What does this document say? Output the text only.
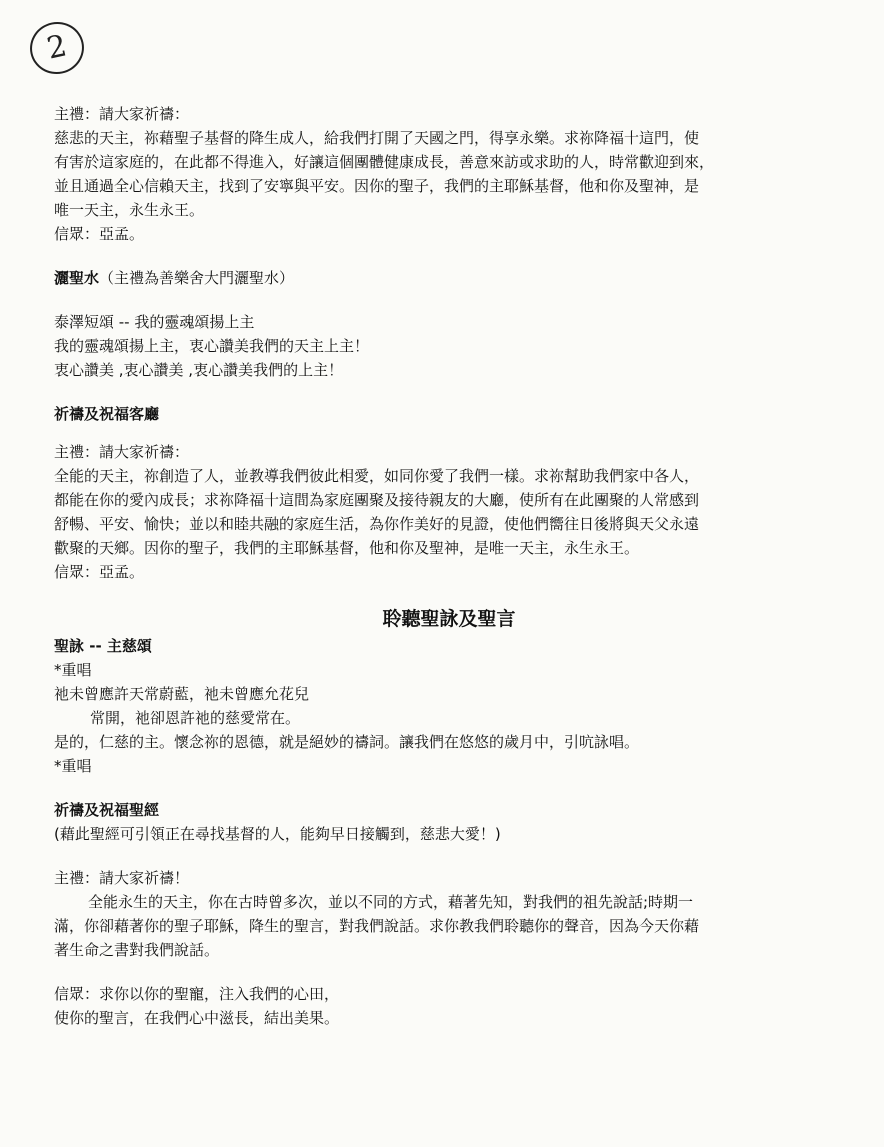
2

主禮：請大家祈禱：

慈悲的天主，祢藉聖子基督的降生成人，給我們打開了天國之門，得享永樂。求祢降福十這門，使

有害於這家庭的，在此都不得進入，好讓這個團體健康成長，善意來訪或求助的人，時常歡迎到來，

並且通過全心信賴天主，找到了安寧與平安。因你的聖子，我們的主耶穌基督，他和你及聖神，是

唯一天主，永生永王。

信眾：亞孟。

灑聖水（主禮為善樂舍大門灑聖水）

泰澤短頌 -- 我的靈魂頌揚上主

我的靈魂頌揚上主，衷心讚美我們的天主上主！

衷心讚美 ,衷心讚美 ,衷心讚美我們的上主！

祈禱及祝福客廳

主禮：請大家祈禱：

全能的天主，祢創造了人，並教導我們彼此相愛，如同你愛了我們一樣。求祢幫助我們家中各人，

都能在你的愛內成長；求祢降福十這間為家庭團聚及接待親友的大廳，使所有在此團聚的人常感到

舒暢、平安、愉快；並以和睦共融的家庭生活，為你作美好的見證，使他們嚮往日後將與天父永遠

歡聚的天鄉。因你的聖子，我們的主耶穌基督，他和你及聖神，是唯一天主，永生永王。

信眾：亞孟。

聆聽聖詠及聖言

聖詠 -- 主慈頌

*重唱

祂未曾應許天常蔚藍，祂未曾應允花兒

常開，祂卻恩許祂的慈愛常在。

是的，仁慈的主。懷念祢的恩德，就是絕妙的禱詞。讓我們在悠悠的歲月中，引吭詠唱。

*重唱

祈禱及祝福聖經

(藉此聖經可引領正在尋找基督的人，能夠早日接觸到，慈悲大愛！)

主禮：請大家祈禱！

全能永生的天主，你在古時曾多次，並以不同的方式，藉著先知，對我們的祖先說話;時期一

滿，你卻藉著你的聖子耶穌，降生的聖言，對我們說話。求你教我們聆聽你的聲音，因為今天你藉

著生命之書對我們說話。

信眾：求你以你的聖寵，注入我們的心田，

使你的聖言，在我們心中滋長，結出美果。
